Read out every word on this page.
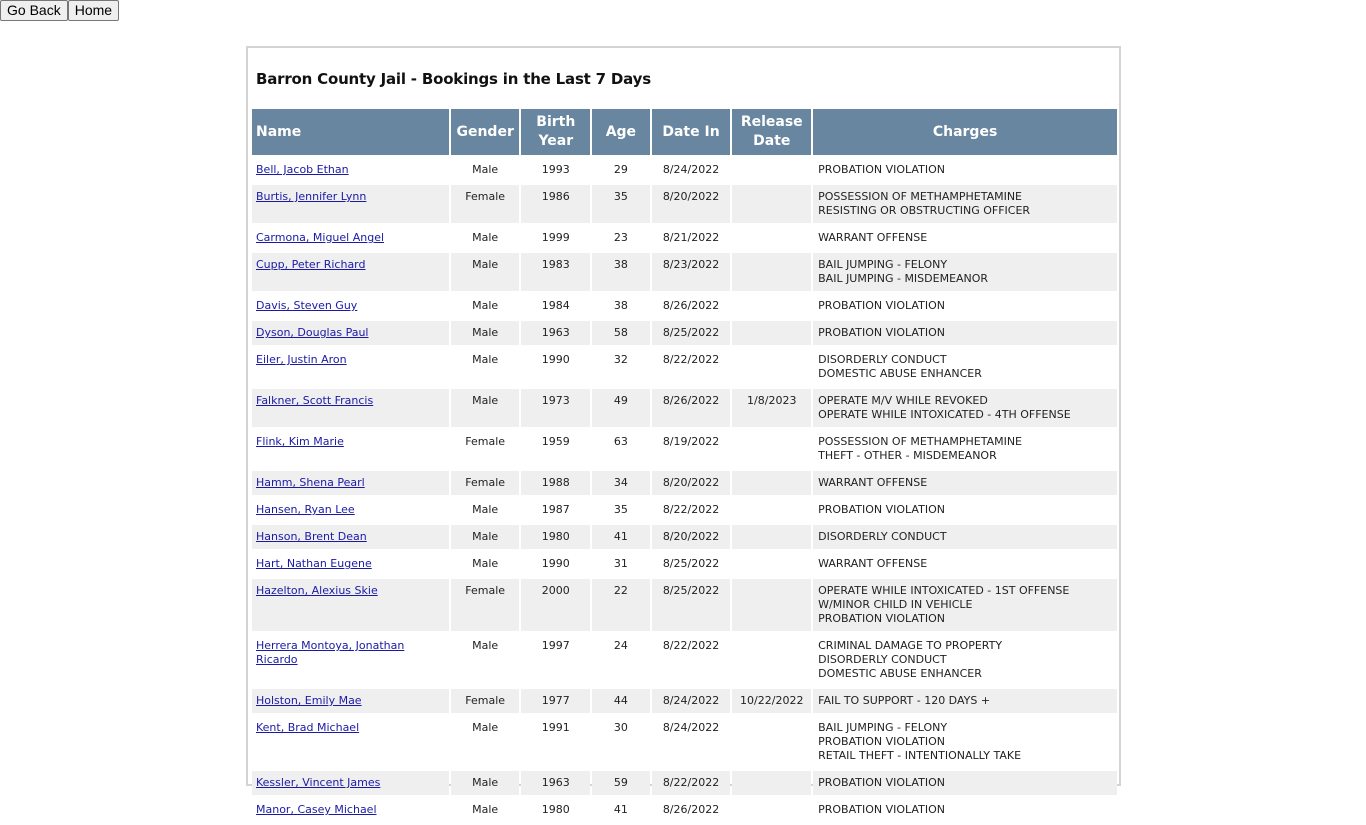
Go Back	Home
Barron County Jail - Bookings in the Last 7 Days
Name	Gender	Birth Year	Age	Date In	Release Date	Charges
Bell, Jacob Ethan	Male	1993	29	8/24/2022		PROBATION VIOLATION

Burtis, Jennifer Lynn	Female	1986	35	8/20/2022		POSSESSION OF METHAMPHETAMINE
RESISTING OR OBSTRUCTING OFFICER

Carmona, Miguel Angel	Male	1999	23	8/21/2022		WARRANT OFFENSE

Cupp, Peter Richard	Male	1983	38	8/23/2022		BAIL JUMPING - FELONY
BAIL JUMPING - MISDEMEANOR

Davis, Steven Guy	Male	1984	38	8/26/2022		PROBATION VIOLATION

Dyson, Douglas Paul	Male	1963	58	8/25/2022		PROBATION VIOLATION

Eiler, Justin Aron	Male	1990	32	8/22/2022		DISORDERLY CONDUCT
DOMESTIC ABUSE ENHANCER

Falkner, Scott Francis	Male	1973	49	8/26/2022	1/8/2023	OPERATE M/V WHILE REVOKED
OPERATE WHILE INTOXICATED - 4TH OFFENSE

Flink, Kim Marie	Female	1959	63	8/19/2022		POSSESSION OF METHAMPHETAMINE
THEFT - OTHER - MISDEMEANOR

Hamm, Shena Pearl	Female	1988	34	8/20/2022		WARRANT OFFENSE

Hansen, Ryan Lee	Male	1987	35	8/22/2022		PROBATION VIOLATION

Hanson, Brent Dean	Male	1980	41	8/20/2022		DISORDERLY CONDUCT

Hart, Nathan Eugene	Male	1990	31	8/25/2022		WARRANT OFFENSE

Hazelton, Alexius Skie	Female	2000	22	8/25/2022		OPERATE WHILE INTOXICATED - 1ST OFFENSE W/MINOR CHILD IN VEHICLE
PROBATION VIOLATION

Herrera Montoya, Jonathan Ricardo	Male	1997	24	8/22/2022		CRIMINAL DAMAGE TO PROPERTY
DISORDERLY CONDUCT
DOMESTIC ABUSE ENHANCER

Holston, Emily Mae	Female	1977	44	8/24/2022	10/22/2022	FAIL TO SUPPORT - 120 DAYS +

Kent, Brad Michael	Male	1991	30	8/24/2022		BAIL JUMPING - FELONY
PROBATION VIOLATION
RETAIL THEFT - INTENTIONALLY TAKE

Kessler, Vincent James	Male	1963	59	8/22/2022		PROBATION VIOLATION

Manor, Casey Michael	Male	1980	41	8/26/2022		PROBATION VIOLATION
